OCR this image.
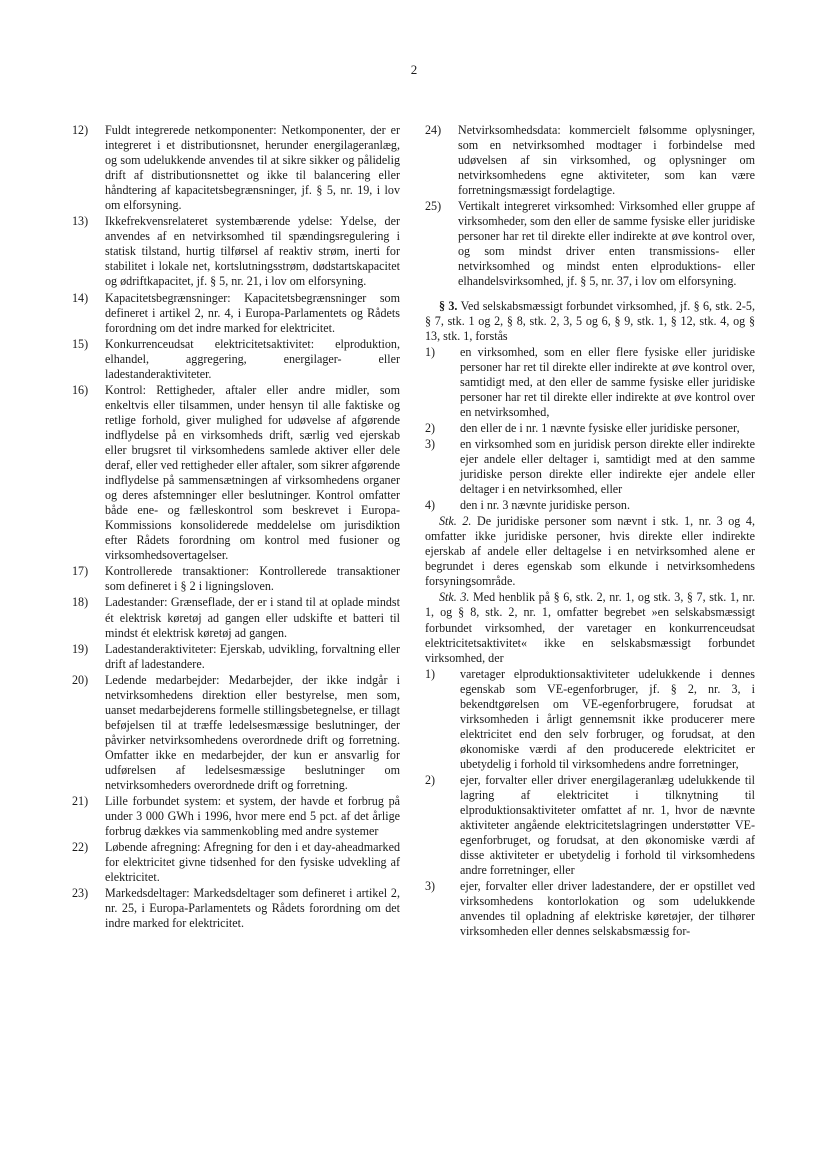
2
12)	Fuldt integrerede netkomponenter: Netkomponenter, der er integreret i et distributionsnet, herunder energilageranlæg, og som udelukkende anvendes til at sikre sikker og pålidelig drift af distributionsnettet og ikke til balancering eller håndtering af kapacitetsbegrænsninger, jf. § 5, nr. 19, i lov om elforsyning.
13)	Ikkefrekvensrelateret systembærende ydelse: Ydelse, der anvendes af en netvirksomhed til spændingsregulering i statisk tilstand, hurtig tilførsel af reaktiv strøm, inerti for stabilitet i lokale net, kortslutningsstrøm, dødstartskapacitet og ødriftkapacitet, jf. § 5, nr. 21, i lov om elforsyning.
14)	Kapacitetsbegrænsninger: Kapacitetsbegrænsninger som defineret i artikel 2, nr. 4, i Europa-Parlamentets og Rådets forordning om det indre marked for elektricitet.
15)	Konkurrenceudsat elektricitetsaktivitet: elproduktion, elhandel, aggregering, energilager- eller ladestanderaktiviteter.
16)	Kontrol: Rettigheder, aftaler eller andre midler, som enkeltvis eller tilsammen, under hensyn til alle faktiske og retlige forhold, giver mulighed for udøvelse af afgørende indflydelse på en virksomheds drift, særlig ved ejerskab eller brugsret til virksomhedens samlede aktiver eller dele deraf, eller ved rettigheder eller aftaler, som sikrer afgørende indflydelse på sammensætningen af virksomhedens organer og deres afstemninger eller beslutninger. Kontrol omfatter både ene- og fælleskontrol som beskrevet i Europa-Kommissions konsoliderede meddelelse om jurisdiktion efter Rådets forordning om kontrol med fusioner og virksomhedsovertagelser.
17)	Kontrollerede transaktioner: Kontrollerede transaktioner som defineret i § 2 i ligningsloven.
18)	Ladestander: Grænseflade, der er i stand til at oplade mindst ét elektrisk køretøj ad gangen eller udskifte et batteri til mindst ét elektrisk køretøj ad gangen.
19)	Ladestanderaktiviteter: Ejerskab, udvikling, forvaltning eller drift af ladestandere.
20)	Ledende medarbejder: Medarbejder, der ikke indgår i netvirksomhedens direktion eller bestyrelse, men som, uanset medarbejderens formelle stillingsbetegnelse, er tillagt beføjelsen til at træffe ledelsesmæssige beslutninger, der påvirker netvirksomhedens overordnede drift og forretning. Omfatter ikke en medarbejder, der kun er ansvarlig for udførelsen af ledelsesmæssige beslutninger om netvirksomheders overordnede drift og forretning.
21)	Lille forbundet system: et system, der havde et forbrug på under 3 000 GWh i 1996, hvor mere end 5 pct. af det årlige forbrug dækkes via sammenkobling med andre systemer
22)	Løbende afregning: Afregning for den i et day-aheadmarked for elektricitet givne tidsenhed for den fysiske udvekling af elektricitet.
23)	Markedsdeltager: Markedsdeltager som defineret i artikel 2, nr. 25, i Europa-Parlamentets og Rådets forordning om det indre marked for elektricitet.
24)	Netvirksomhedsdata: kommercielt følsomme oplysninger, som en netvirksomhed modtager i forbindelse med udøvelsen af sin virksomhed, og oplysninger om netvirksomhedens egne aktiviteter, som kan være forretningsmæssigt fordelagtige.
25)	Vertikalt integreret virksomhed: Virksomhed eller gruppe af virksomheder, som den eller de samme fysiske eller juridiske personer har ret til direkte eller indirekte at øve kontrol over, og som mindst driver enten transmissions- eller netvirksomhed og mindst enten elproduktions- eller elhandelsvirksomhed, jf. § 5, nr. 37, i lov om elforsyning.
§ 3. Ved selskabsmæssigt forbundet virksomhed, jf. § 6, stk. 2-5, § 7, stk. 1 og 2, § 8, stk. 2, 3, 5 og 6, § 9, stk. 1, § 12, stk. 4, og § 13, stk. 1, forstås
1)	en virksomhed, som en eller flere fysiske eller juridiske personer har ret til direkte eller indirekte at øve kontrol over, samtidigt med, at den eller de samme fysiske eller juridiske personer har ret til direkte eller indirekte at øve kontrol over en netvirksomhed,
2)	den eller de i nr. 1 nævnte fysiske eller juridiske personer,
3)	en virksomhed som en juridisk person direkte eller indirekte ejer andele eller deltager i, samtidigt med at den samme juridiske person direkte eller indirekte ejer andele eller deltager i en netvirksomhed, eller
4)	den i nr. 3 nævnte juridiske person.
Stk. 2. De juridiske personer som nævnt i stk. 1, nr. 3 og 4, omfatter ikke juridiske personer, hvis direkte eller indirekte ejerskab af andele eller deltagelse i en netvirksomhed alene er begrundet i deres egenskab som elkunde i netvirksomhedens forsyningsområde.
Stk. 3. Med henblik på § 6, stk. 2, nr. 1, og stk. 3, § 7, stk. 1, nr. 1, og § 8, stk. 2, nr. 1, omfatter begrebet »en selskabsmæssigt forbundet virksomhed, der varetager en konkurrenceudsat elektricitetsaktivitet« ikke en selskabsmæssigt forbundet virksomhed, der
1)	varetager elproduktionsaktiviteter udelukkende i dennes egenskab som VE-egenforbruger, jf. § 2, nr. 3, i bekendtgørelsen om VE-egenforbrugere, forudsat at virksomheden i årligt gennemsnit ikke producerer mere elektricitet end den selv forbruger, og forudsat, at den økonomiske værdi af den producerede elektricitet er ubetydelig i forhold til virksomhedens andre forretninger,
2)	ejer, forvalter eller driver energilageranlæg udelukkende til lagring af elektricitet i tilknytning til elproduktionsaktiviteter omfattet af nr. 1, hvor de nævnte aktiviteter angående elektricitetslagringen understøtter VE-egenforbruget, og forudsat, at den økonomiske værdi af disse aktiviteter er ubetydelig i forhold til virksomhedens andre forretninger, eller
3)	ejer, forvalter eller driver ladestandere, der er opstillet ved virksomhedens kontorlokation og som udelukkende anvendes til opladning af elektriske køretøjer, der tilhører virksomheden eller dennes selskabsmæssig for-
